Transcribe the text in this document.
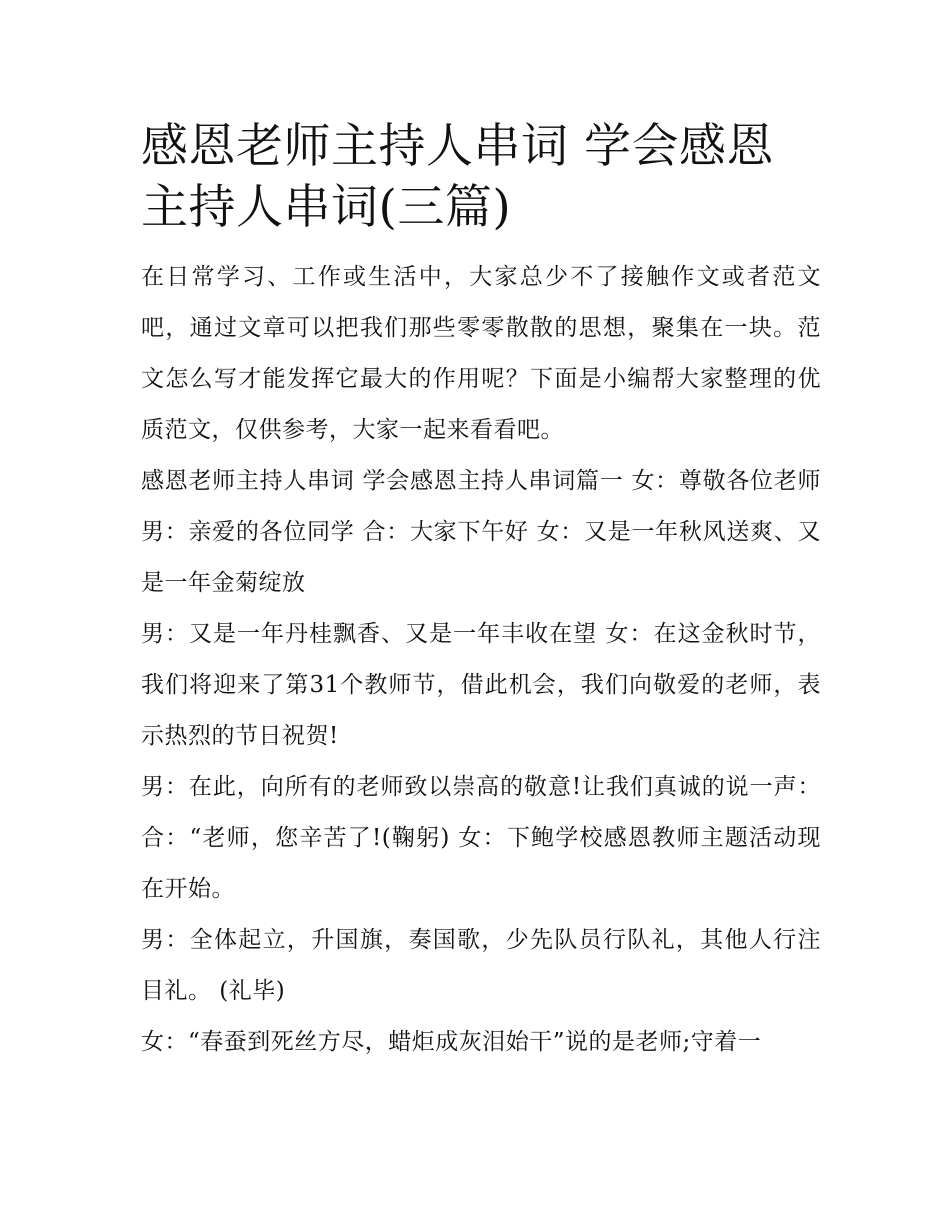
感恩老师主持人串词 学会感恩主持人串词(三篇)

在日常学习、工作或生活中，大家总少不了接触作文或者范文吧，通过文章可以把我们那些零零散散的思想，聚集在一块。范文怎么写才能发挥它最大的作用呢？下面是小编帮大家整理的优质范文，仅供参考，大家一起来看看吧。

感恩老师主持人串词 学会感恩主持人串词篇一 女：尊敬各位老师 男：亲爱的各位同学 合：大家下午好 女：又是一年秋风送爽、又是一年金菊绽放

男：又是一年丹桂飘香、又是一年丰收在望 女：在这金秋时节，我们将迎来了第31个教师节，借此机会，我们向敬爱的老师，表示热烈的节日祝贺!

男：在此，向所有的老师致以崇高的敬意!让我们真诚的说一声： 合：“老师，您辛苦了!(鞠躬) 女：下鲍学校感恩教师主题活动现在开始。

男：全体起立，升国旗，奏国歌，少先队员行队礼，其他人行注目礼。 (礼毕)

女：“春蚕到死丝方尽，蜡炬成灰泪始干”说的是老师;守着一
